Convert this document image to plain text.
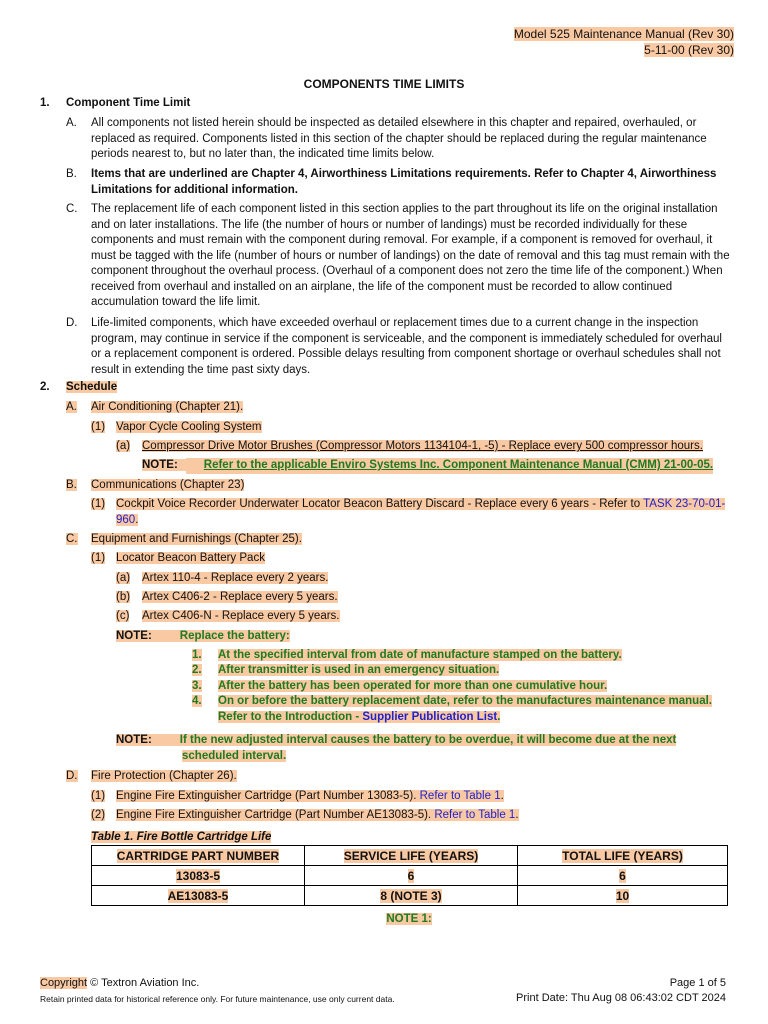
Model 525 Maintenance Manual (Rev 30)
5-11-00 (Rev 30)
COMPONENTS TIME LIMITS
1. Component Time Limit
A. All components not listed herein should be inspected as detailed elsewhere in this chapter and repaired, overhauled, or replaced as required. Components listed in this section of the chapter should be replaced during the regular maintenance periods nearest to, but no later than, the indicated time limits below.
B. Items that are underlined are Chapter 4, Airworthiness Limitations requirements. Refer to Chapter 4, Airworthiness Limitations for additional information.
C. The replacement life of each component listed in this section applies to the part throughout its life on the original installation and on later installations. The life (the number of hours or number of landings) must be recorded individually for these components and must remain with the component during removal. For example, if a component is removed for overhaul, it must be tagged with the life (number of hours or number of landings) on the date of removal and this tag must remain with the component throughout the overhaul process. (Overhaul of a component does not zero the time life of the component.) When received from overhaul and installed on an airplane, the life of the component must be recorded to allow continued accumulation toward the life limit.
D. Life-limited components, which have exceeded overhaul or replacement times due to a current change in the inspection program, may continue in service if the component is serviceable, and the component is immediately scheduled for overhaul or a replacement component is ordered. Possible delays resulting from component shortage or overhaul schedules shall not result in extending the time past sixty days.
2. Schedule
A. Air Conditioning (Chapter 21).
(1) Vapor Cycle Cooling System
(a) Compressor Drive Motor Brushes (Compressor Motors 1134104-1, -5) - Replace every 500 compressor hours.
NOTE: Refer to the applicable Enviro Systems Inc. Component Maintenance Manual (CMM) 21-00-05.
B. Communications (Chapter 23)
(1) Cockpit Voice Recorder Underwater Locator Beacon Battery Discard - Replace every 6 years - Refer to TASK 23-70-01-960.
C. Equipment and Furnishings (Chapter 25).
(1) Locator Beacon Battery Pack
(a) Artex 110-4 - Replace every 2 years.
(b) Artex C406-2 - Replace every 5 years.
(c) Artex C406-N - Replace every 5 years.
NOTE: Replace the battery:
1. At the specified interval from date of manufacture stamped on the battery.
2. After transmitter is used in an emergency situation.
3. After the battery has been operated for more than one cumulative hour.
4. On or before the battery replacement date, refer to the manufactures maintenance manual.
Refer to the Introduction - Supplier Publication List.
NOTE: If the new adjusted interval causes the battery to be overdue, it will become due at the next
scheduled interval.
D. Fire Protection (Chapter 26).
(1) Engine Fire Extinguisher Cartridge (Part Number 13083-5). Refer to Table 1.
(2) Engine Fire Extinguisher Cartridge (Part Number AE13083-5). Refer to Table 1.
Table 1. Fire Bottle Cartridge Life
CARTRIDGE PART NUMBER	SERVICE LIFE (YEARS)	TOTAL LIFE (YEARS)
13083-5	6	6
AE13083-5	8 (NOTE 3)	10
NOTE 1:
Copyright © Textron Aviation Inc.
Retain printed data for historical reference only. For future maintenance, use only current data.
Page 1 of 5
Print Date: Thu Aug 08 06:43:02 CDT 2024
